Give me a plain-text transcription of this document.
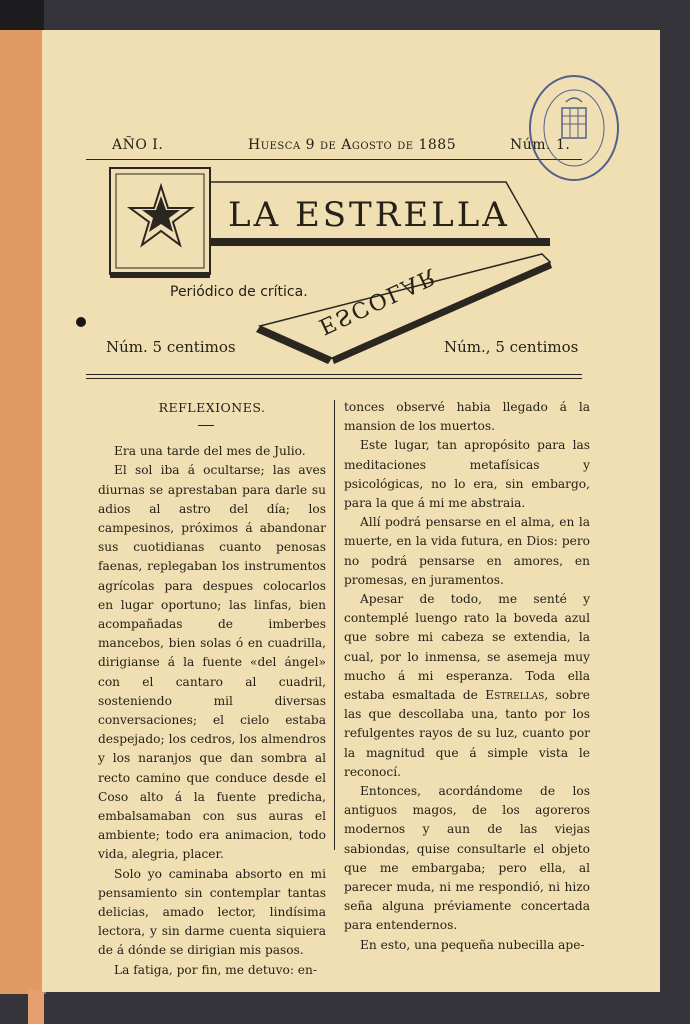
AÑO I.	Huesca 9 de Agosto de 1885	Núm. 1.
LA ESTRELLA
ESCOLAR
Periódico de crítica.
Núm. 5 centimos	Núm., 5 centimos

REFLEXIONES.

Era una tarde del mes de Julio.

El sol iba á ocultarse; las aves diurnas se aprestaban para darle su adios al astro del día; los campesinos, próximos á abandonar sus cuotidianas cuanto penosas faenas, replegaban los instrumentos agrícolas para despues colocarlos en lugar oportuno; las linfas, bien acompañadas de imberbes mancebos, bien solas ó en cuadrilla, dirigianse á la fuente «del ángel» con el cantaro al cuadril, sosteniendo mil diversas conversaciones; el cielo estaba despejado; los cedros, los almendros y los naranjos que dan sombra al recto camino que conduce desde el Coso alto á la fuente predicha, embalsamaban con sus auras el ambiente; todo era animacion, todo vida, alegria, placer.

Solo yo caminaba absorto en mi pensamiento sin contemplar tantas delicias, amado lector, lindísima lectora, y sin darme cuenta siquiera de á dónde se dirigian mis pasos.

La fatiga, por fin, me detuvo: en-

tonces observé habia llegado á la mansion de los muertos.

Este lugar, tan apropósito para las meditaciones metafísicas y psicológicas, no lo era, sin embargo, para la que á mi me abstraia.

Allí podrá pensarse en el alma, en la muerte, en la vida futura, en Dios: pero no podrá pensarse en amores, en promesas, en juramentos.

Apesar de todo, me senté y contemplé luengo rato la boveda azul que sobre mi cabeza se extendia, la cual, por lo inmensa, se asemeja muy mucho á mi esperanza. Toda ella estaba esmaltada de Estrellas, sobre las que descollaba una, tanto por los refulgentes rayos de su luz, cuanto por la magnitud que á simple vista le reconocí.

Entonces, acordándome de los antiguos magos, de los agoreros modernos y aun de las viejas sabiondas, quise consultarle el objeto que me embargaba; pero ella, al parecer muda, ni me respondió, ni hizo seña alguna préviamente concertada para entendernos.

En esto, una pequeña nubecilla ape-
